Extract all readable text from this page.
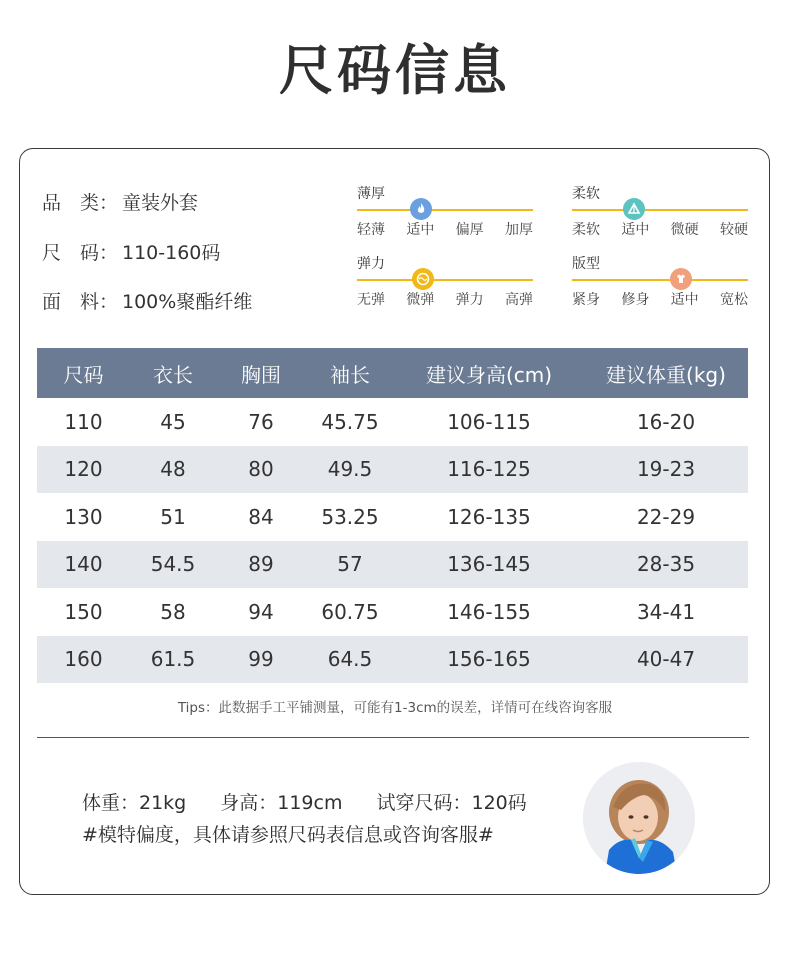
尺码信息
品　类： 童装外套
尺　码： 110-160码
面　料： 100%聚酯纤维
薄厚
轻薄 适中 偏厚 加厚
柔软
柔软 适中 微硬 较硬
弹力
无弹 微弹 弹力 高弹
版型
紧身 修身 适中 宽松
尺码	衣长	胸围	袖长	建议身高(cm)	建议体重(kg)
110	45	76	45.75	106-115	16-20
120	48	80	49.5	116-125	19-23
130	51	84	53.25	126-135	22-29
140	54.5	89	57	136-145	28-35
150	58	94	60.75	146-155	34-41
160	61.5	99	64.5	156-165	40-47
Tips：此数据手工平铺测量，可能有1-3cm的误差，详情可在线咨询客服
体重：21kg 身高：119cm 试穿尺码：120码
#模特偏度，具体请参照尺码表信息或咨询客服#
